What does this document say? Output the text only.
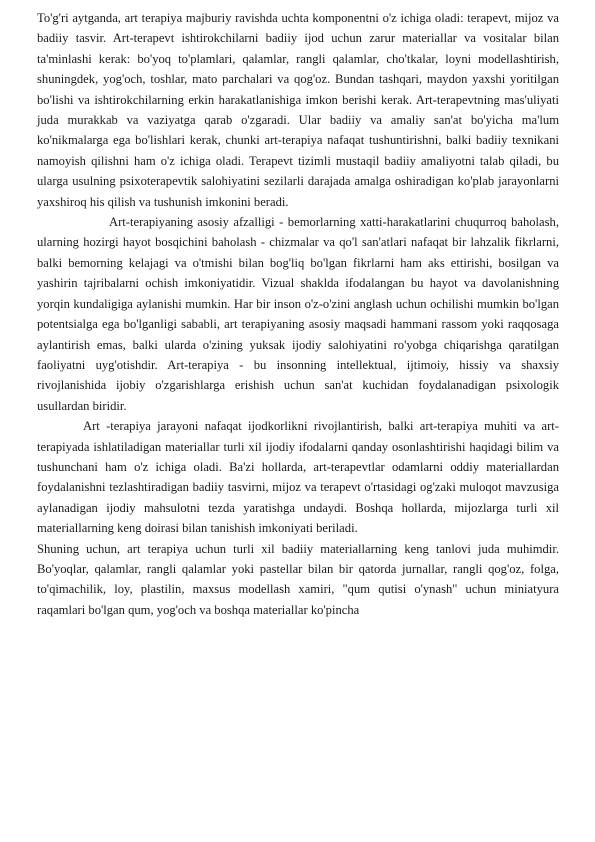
To'g'ri aytganda, art terapiya majburiy ravishda uchta komponentni o'z ichiga oladi: terapevt, mijoz va badiiy tasvir. Art-terapevt ishtirokchilarni badiiy ijod uchun zarur materiallar va vositalar bilan ta'minlashi kerak: bo'yoq to'plamlari, qalamlar, rangli qalamlar, cho'tkalar, loyni modellashtirish, shuningdek, yog'och, toshlar, mato parchalari va qog'oz. Bundan tashqari, maydon yaxshi yoritilgan bo'lishi va ishtirokchilarning erkin harakatlanishiga imkon berishi kerak. Art-terapevtning mas'uliyati juda murakkab va vaziyatga qarab o'zgaradi. Ular badiiy va amaliy san'at bo'yicha ma'lum ko'nikmalarga ega bo'lishlari kerak, chunki art-terapiya nafaqat tushuntirishni, balki badiiy texnikani namoyish qilishni ham o'z ichiga oladi. Terapevt tizimli mustaqil badiiy amaliyotni talab qiladi, bu ularga usulning psixoterapevtik salohiyatini sezilarli darajada amalga oshiradigan ko'plab jarayonlarni yaxshiroq his qilish va tushunish imkonini beradi.

Art-terapiyaning asosiy afzalligi - bemorlarning xatti-harakatlarini chuqurroq baholash, ularning hozirgi hayot bosqichini baholash - chizmalar va qo'l san'atlari nafaqat bir lahzalik fikrlarni, balki bemorning kelajagi va o'tmishi bilan bog'liq bo'lgan fikrlarni ham aks ettirishi, bosilgan va yashirin tajribalarni ochish imkoniyatidir. Vizual shaklda ifodalangan bu hayot va davolanishning yorqin kundaligiga aylanishi mumkin. Har bir inson o'z-o'zini anglash uchun ochilishi mumkin bo'lgan potentsialga ega bo'lganligi sababli, art terapiyaning asosiy maqsadi hammani rassom yoki raqqosaga aylantirish emas, balki ularda o'zining yuksak ijodiy salohiyatini ro'yobga chiqarishga qaratilgan faoliyatni uyg'otishdir. Art-terapiya - bu insonning intellektual, ijtimoiy, hissiy va shaxsiy rivojlanishida ijobiy o'zgarishlarga erishish uchun san'at kuchidan foydalanadigan psixologik usullardan biridir.

Art -terapiya jarayoni nafaqat ijodkorlikni rivojlantirish, balki art-terapiya muhiti va art-terapiyada ishlatiladigan materiallar turli xil ijodiy ifodalarni qanday osonlashtirishi haqidagi bilim va tushunchani ham o'z ichiga oladi. Ba'zi hollarda, art-terapevtlar odamlarni oddiy materiallardan foydalanishni tezlashtiradigan badiiy tasvirni, mijoz va terapevt o'rtasidagi og'zaki muloqot mavzusiga aylanadigan ijodiy mahsulotni tezda yaratishga undaydi. Boshqa hollarda, mijozlarga turli xil materiallarning keng doirasi bilan tanishish imkoniyati beriladi.

Shuning uchun, art terapiya uchun turli xil badiiy materiallarning keng tanlovi juda muhimdir. Bo'yoqlar, qalamlar, rangli qalamlar yoki pastellar bilan bir qatorda jurnallar, rangli qog'oz, folga, to'qimachilik, loy, plastilin, maxsus modellash xamiri, "qum qutisi o'ynash" uchun miniatyura raqamlari bo'lgan qum, yog'och va boshqa materiallar ko'pincha
